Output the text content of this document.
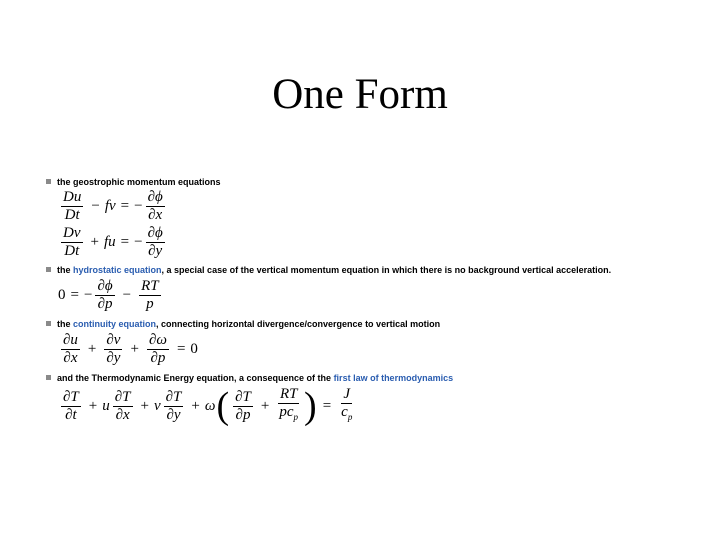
One Form
the geostrophic momentum equations
$\frac{Du}{Dt}$ − fv = − $\frac{\partial\phi}{\partial x}$
$\frac{Dv}{Dt}$ + fu = − $\frac{\partial\phi}{\partial y}$
the hydrostatic equation, a special case of the vertical momentum equation in which there is no background vertical acceleration.
0 = − $\frac{\partial\phi}{\partial p} - \frac{RT}{p}$
the continuity equation, connecting horizontal divergence/convergence to vertical motion
$\frac{\partial u}{\partial x} + \frac{\partial v}{\partial y} + \frac{\partial\omega}{\partial p} = 0$
and the Thermodynamic Energy equation, a consequence of the first law of thermodynamics
$\frac{\partial T}{\partial t} + u \frac{\partial T}{\partial x} + v \frac{\partial T}{\partial y} + \omega$ ( $\frac{\partial T}{\partial p} + \frac{RT}{pc_p}$ ) = $\frac{J}{c_p}$
